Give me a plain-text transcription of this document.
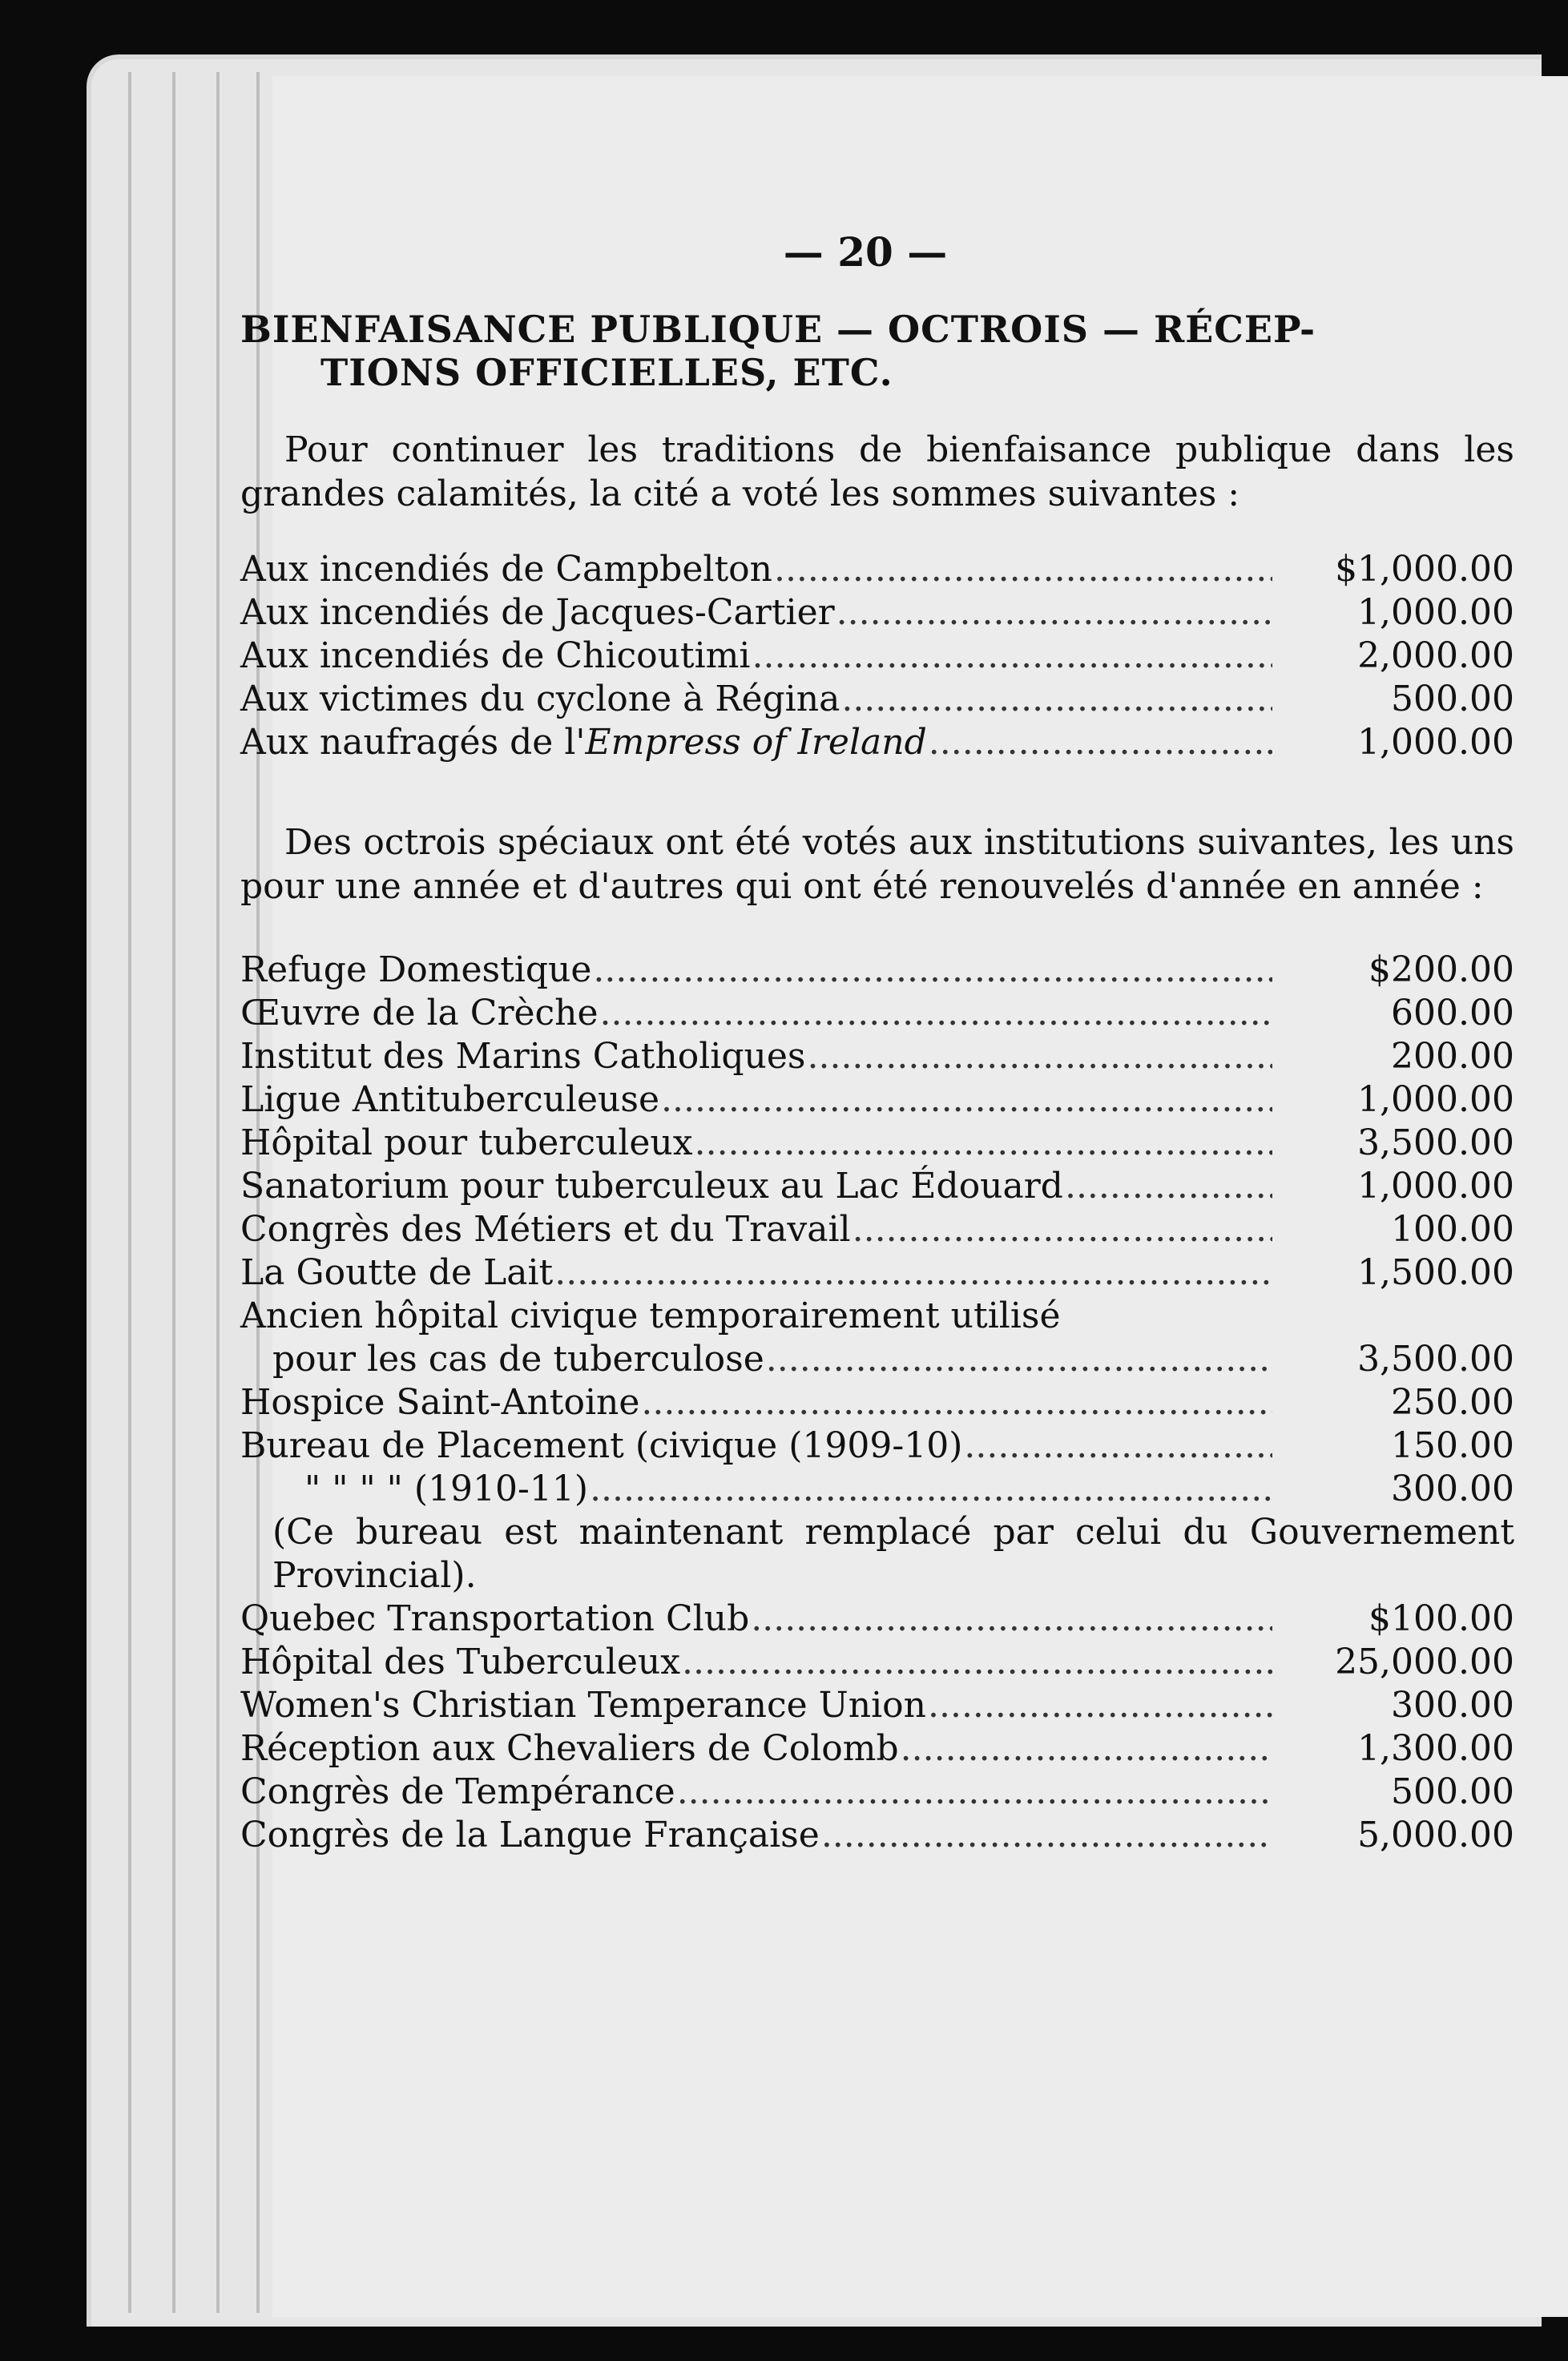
— 20 —
BIENFAISANCE PUBLIQUE — OCTROIS — RÉCEP-
TIONS OFFICIELLES, ETC.

Pour continuer les traditions de bienfaisance publique dans les grandes calamités, la cité a voté les sommes suivantes :

Aux incendiés de Campbelton .....	$1,000.00
Aux incendiés de Jacques-Cartier .....	1,000.00
Aux incendiés de Chicoutimi .....	2,000.00
Aux victimes du cyclone à Régina .....	500.00
Aux naufragés de l'Empress of Ireland .....	1,000.00

Des octrois spéciaux ont été votés aux institutions suivantes, les uns pour une année et d'autres qui ont été renouvelés d'année en année :

Refuge Domestique .....	$200.00
Œuvre de la Crèche .....	600.00
Institut des Marins Catholiques .....	200.00
Ligue Antituberculeuse .....	1,000.00
Hôpital pour tuberculeux .....	3,500.00
Sanatorium pour tuberculeux au Lac Édouard .....	1,000.00
Congrès des Métiers et du Travail .....	100.00
La Goutte de Lait .....	1,500.00
Ancien hôpital civique temporairement utilisé
pour les cas de tuberculose .....	3,500.00
Hospice Saint-Antoine .....	250.00
Bureau de Placement (civique (1909-10) .....	150.00
" " " " (1910-11) .....	300.00
(Ce bureau est maintenant remplacé par celui du Gouvernement Provincial).
Quebec Transportation Club .....	$100.00
Hôpital des Tuberculeux .....	25,000.00
Women's Christian Temperance Union .....	300.00
Réception aux Chevaliers de Colomb .....	1,300.00
Congrès de Tempérance .....	500.00
Congrès de la Langue Française .....	5,000.00
